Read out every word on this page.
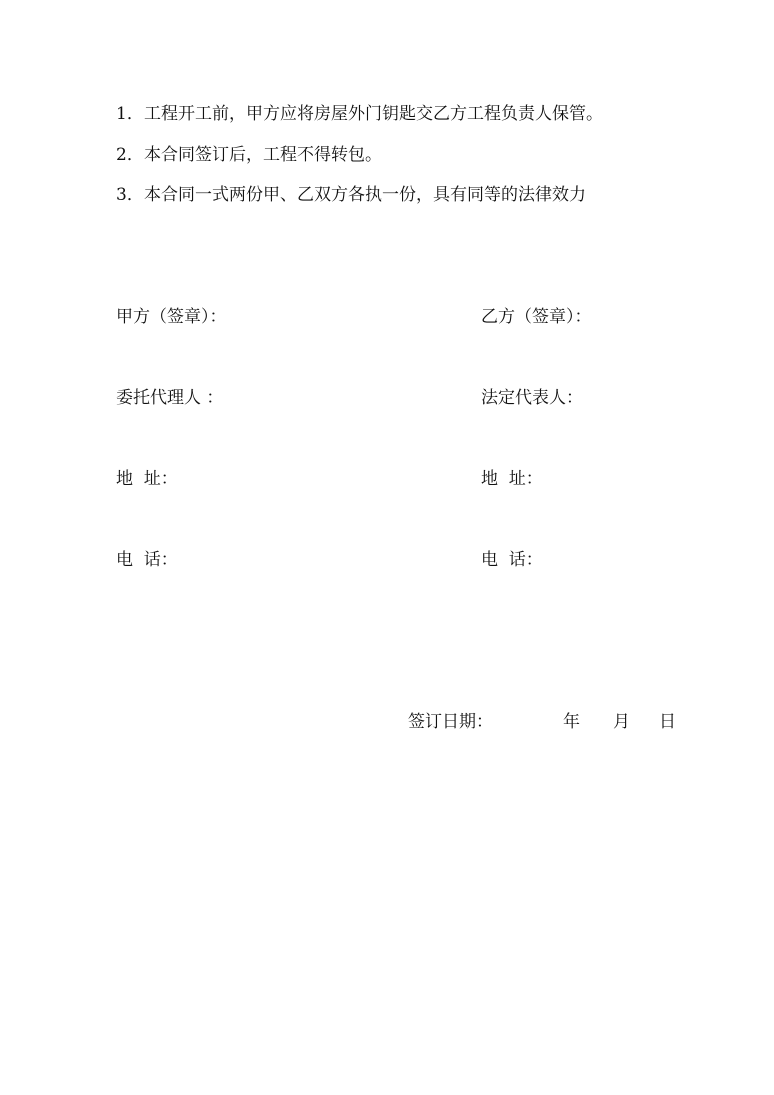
1．工程开工前，甲方应将房屋外门钥匙交乙方工程负责人保管。
2．本合同签订后，工程不得转包。
3．本合同一式两份甲、乙双方各执一份，具有同等的法律效力
甲方（签章）：	乙方（签章）：
委托代理人 ：	法定代表人：
地  址：	地  址：
电  话：	电  话：
签订日期：	年 月 日
